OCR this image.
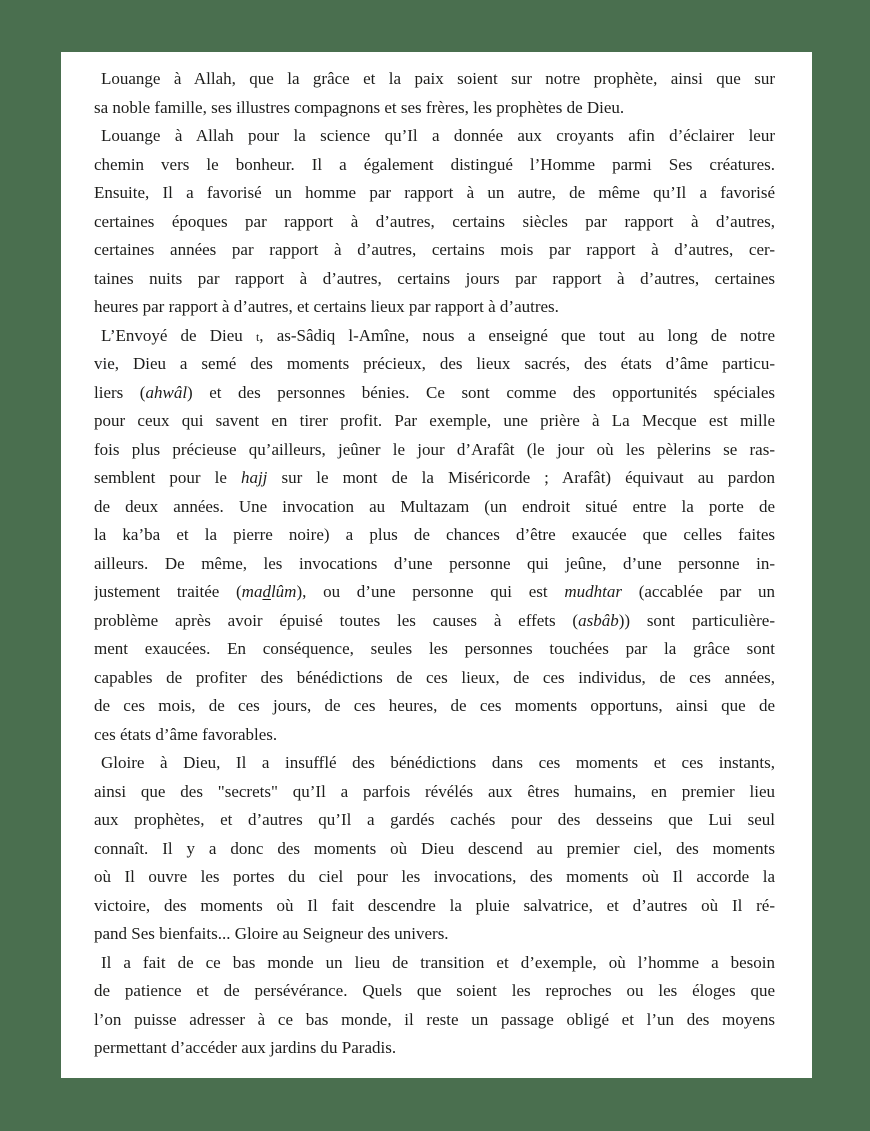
Louange à Allah, que la grâce et la paix soient sur notre prophète, ainsi que sur
sa noble famille, ses illustres compagnons et ses frères, les prophètes de Dieu.
Louange à Allah pour la science qu’Il a donnée aux croyants afin d’éclairer leur
chemin vers le bonheur. Il a également distingué l’Homme parmi Ses créatures.
Ensuite, Il a favorisé un homme par rapport à un autre, de même qu’Il a favorisé
certaines époques par rapport à d’autres, certains siècles par rapport à d’autres,
certaines années par rapport à d’autres, certains mois par rapport à d’autres, cer-
taines nuits par rapport à d’autres, certains jours par rapport à d’autres, certaines
heures par rapport à d’autres, et certains lieux par rapport à d’autres.
L’Envoyé de Dieu t, as-Sâdiq l-Amîne, nous a enseigné que tout au long de notre
vie, Dieu a semé des moments précieux, des lieux sacrés, des états d’âme particu-
liers (ahwâl) et des personnes bénies. Ce sont comme des opportunités spéciales
pour ceux qui savent en tirer profit. Par exemple, une prière à La Mecque est mille
fois plus précieuse qu’ailleurs, jeûner le jour d’Arafât (le jour où les pèlerins se ras-
semblent pour le hajj sur le mont de la Miséricorde ; Arafât) équivaut au pardon
de deux années. Une invocation au Multazam (un endroit situé entre la porte de
la ka’ba et la pierre noire) a plus de chances d’être exaucée que celles faites
ailleurs. De même, les invocations d’une personne qui jeûne, d’une personne in-
justement traitée (madlûm), ou d’une personne qui est mudhtar (accablée par un
problème après avoir épuisé toutes les causes à effets (asbâb)) sont particulière-
ment exaucées. En conséquence, seules les personnes touchées par la grâce sont
capables de profiter des bénédictions de ces lieux, de ces individus, de ces années,
de ces mois, de ces jours, de ces heures, de ces moments opportuns, ainsi que de
ces états d’âme favorables.
Gloire à Dieu, Il a insufflé des bénédictions dans ces moments et ces instants,
ainsi que des "secrets" qu’Il a parfois révélés aux êtres humains, en premier lieu
aux prophètes, et d’autres qu’Il a gardés cachés pour des desseins que Lui seul
connaît. Il y a donc des moments où Dieu descend au premier ciel, des moments
où Il ouvre les portes du ciel pour les invocations, des moments où Il accorde la
victoire, des moments où Il fait descendre la pluie salvatrice, et d’autres où Il ré-
pand Ses bienfaits... Gloire au Seigneur des univers.
Il a fait de ce bas monde un lieu de transition et d’exemple, où l’homme a besoin
de patience et de persévérance. Quels que soient les reproches ou les éloges que
l’on puisse adresser à ce bas monde, il reste un passage obligé et l’un des moyens
permettant d’accéder aux jardins du Paradis.
